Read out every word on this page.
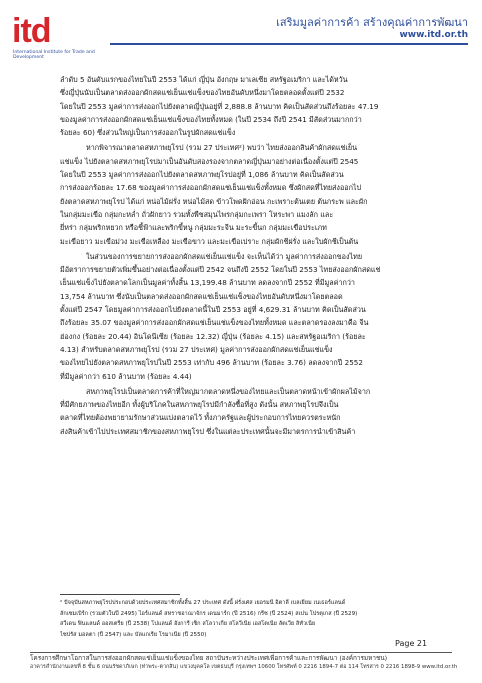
itd
International Institute for Trade and Development
เสริมมูลค่าการค้า สร้างคุณค่าการพัฒนา
www.itd.or.th
ลำดับ 5 อันดับแรกของไทยในปี 2553 ได้แก่ ญี่ปุ่น อังกฤษ มาเลเซีย สหรัฐอเมริกา และได้หวัน
ซึ่งญี่ปุ่นนับเป็นตลาดส่งออกผักสดแช่เย็นแช่แข็งของไทยอันดับหนึ่งมาโดยตลอดตั้งแต่ปี 2532
โดยในปี 2553 มูลค่าการส่งออกไปยังตลาดญี่ปุ่นอยู่ที่ 2,888.8 ล้านบาท คิดเป็นสัดส่วนถึงร้อยละ 47.19
ของมูลค่าการส่งออกผักสดแช่เย็นแช่แข็งของไทยทั้งหมด (ในปี 2534 ถึงปี 2541 มีสัดส่วนมากกว่า
ร้อยละ 60) ซึ่งส่วนใหญ่เป็นการส่งออกในรูปผักสดแช่แข็ง
หากพิจารณาตลาดสหภาพยุโรป (รวม 27 ประเทศ²) พบว่า ไทยส่งออกสินค้าผักสดแช่เย็น
แช่แข็ง ไปยังตลาดสหภาพยุโรปมาเป็นอันดับสองรองจากตลาดญี่ปุ่นมาอย่างต่อเนื่องตั้งแต่ปี 2545
โดยในปี 2553 มูลค่าการส่งออกไปยังตลาดสหภาพยุโรปอยู่ที่ 1,086 ล้านบาท คิดเป็นสัดส่วน
การส่งออกร้อยละ 17.68 ของมูลค่าการส่งออกผักสดแช่เย็นแช่แข็งทั้งหมด ซึ่งผักสดที่ไทยส่งออกไป
ยังตลาดสหภาพยุโรป ได้แก่ หน่อไม้ฝรั่ง หน่อไม้สด ข้าวโพดฝักอ่อน กะเพราะต้นเตย ต้นกระพ และผัก
ในกลุ่มมะเขือ กลุ่มกะหล่ำ ถั่วฝักยาว รวมทั้งพืชสมุนไพรกลุ่มกะเพรา โหระพา แมงลัก และ
ยี่หร่า กลุ่มพริกหยวก หรือชี้ฟ้าและพริกขี้หนู กลุ่มมะระจีน มะระขี้นก กลุ่มมะเขือประเภท
มะเขือยาว มะเขือม่วง มะเขือเหลือง มะเขือขาว และมะเขือเปราะ กลุ่มผักชีฝรั่ง และใบผักชีเป็นต้น
ในส่วนของการขยายการส่งออกผักสดแช่เย็นแช่แข็ง จะเห็นได้ว่า มูลค่าการส่งออกของไทย
มีอัตราการขยายตัวเพิ่มขึ้นอย่างต่อเนื่องตั้งแต่ปี 2542 จนถึงปี 2552 โดยในปี 2553 ไทยส่งออกผักสดแช่
เย็นแช่แข็งไปยังตลาดโลกเป็นมูลค่าทั้งสิ้น 13,199.48 ล้านบาท ลดลงจากปี 2552 ที่มีมูลค่ากว่า
13,754 ล้านบาท ซึ่งนับเป็นตลาดส่งออกผักสดแช่เย็นแช่แข็งของไทยอันดับหนึ่งมาโดยตลอด
ตั้งแต่ปี 2547 โดยมูลค่าการส่งออกไปยังตลาดนี้ในปี 2553 อยู่ที่ 4,629.31 ล้านบาท คิดเป็นสัดส่วน
ถึงร้อยละ 35.07 ของมูลค่าการส่งออกผักสดแช่เย็นแช่แข็งของไทยทั้งหมด และตลาดรองลงมาคือ จีน
ฮ่องกง (ร้อยละ 20.44) อินโดนีเซีย (ร้อยละ 12.32) ญี่ปุ่น (ร้อยละ 4.15) และสหรัฐอเมริกา (ร้อยละ
4.13) สำหรับตลาดสหภาพยุโรป (รวม 27 ประเทศ) มูลค่าการส่งออกผักสดแช่เย็นแช่แข็ง
ของไทยไปยังตลาดสหภาพยุโรปในปี 2553 เท่ากับ 496 ล้านบาท (ร้อยละ 3.76) ลดลงจากปี 2552
ที่มีมูลค่ากว่า 610 ล้านบาท (ร้อยละ 4.44)
สหภาพยุโรปเป็นตลาดการค้าที่ใหญ่มากตลาดหนึ่งของไทยและเป็นตลาดหน้าเข้าผักผลไม้จาก
ที่มีศักยภาพของไทยอีก ทั้งผู้บริโภคในสหภาพยุโรปมีกำลังซื้อที่สูง ดังนั้น สหภาพยุโรปจึงเป็น
ตลาดที่ไทยต้องพยายามรักษาส่วนแบ่งตลาดไว้ ทั้งภาครัฐและผู้ประกอบการไทยควรตระหนัก
ส่งสินค้าเข้าไปประเทศสมาชิกของสหภาพยุโรป ซึ่งในแต่ละประเทศนั้นจะมีมาตรการนำเข้าสินค้า
² ปัจจุบันสหภาพยุโรปประกอบด้วยประเทศสมาชิกทั้งสิ้น 27 ประเทศ ดังนี้ ฝรั่งเศส เยอรมนี อิตาลี เบลเยียม เนเธอร์แลนด์
ลักเซมเบิร์ก (รวมตัวในปี 2495) ไอร์แลนด์ สหราชอาณาจักร เดนมาร์ก (ปี 2516) กรีซ (ปี 2524) สเปน โปรตุเกส (ปี 2529)
สวีเดน ฟินแลนด์ ออสเตรีย (ปี 2538) โปแลนด์ ฮังการี เช็ก สโลวาเกีย สโลวีเนีย เอสโตเนีย ลัตเวีย ลิทัวเนีย
ไซปรัส มอลตา (ปี 2547) และ บัลแกเรีย โรมาเนีย (ปี 2550)
Page 21
โครงการศึกษาโอกาสในการส่งออกผักสดแช่เย็นแช่แข็งของไทย สถาบันระหว่างประเทศเพื่อการค้าและการพัฒนา (องค์การมหาชน)
อาคารสำนักงานเลขที่ 8 ชั้น 6 ถนนรัชดาภิเษก (ท่าพระ-ตากสิน) แขวงบุคคโล เขตธนบุรี กรุงเทพฯ 10600 โทรศัพท์ 0 2216 1894-7 ต่อ 114 โทรสาร 0 2216 1898-9 www.itd.or.th
